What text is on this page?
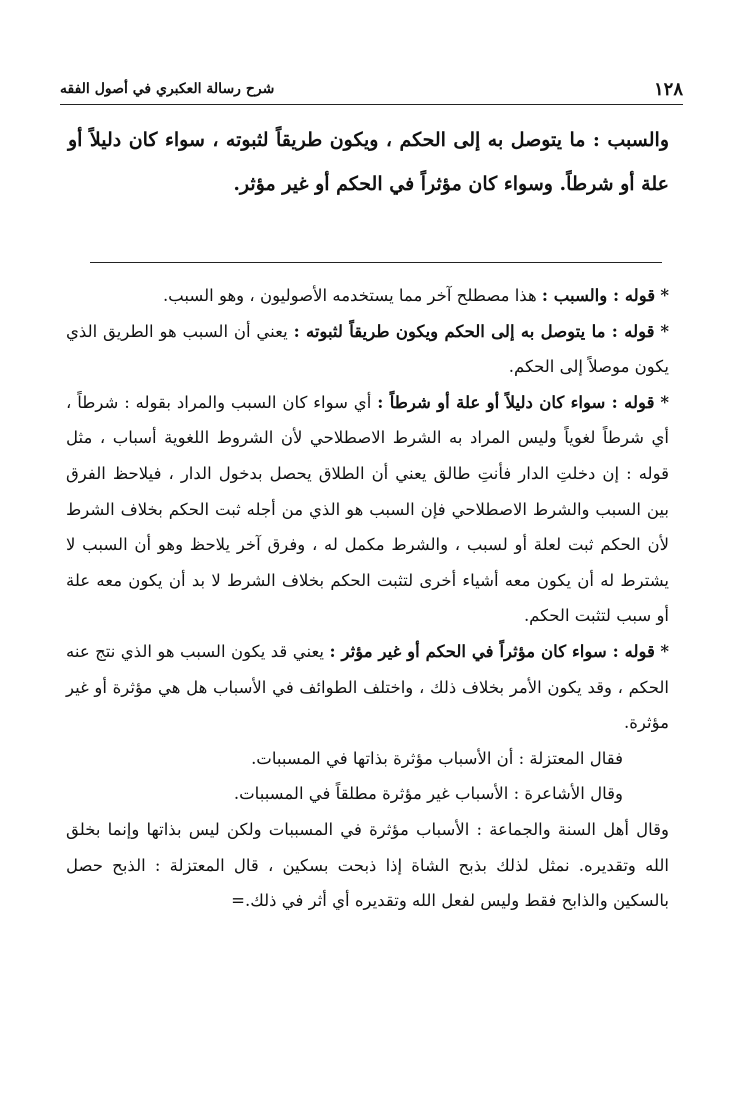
١٢٨
شرح رسالة العكبري في أصول الفقه

والسبب : ما يتوصل به إلى الحكم ، ويكون طريقاً لثبوته ، سواء كان دليلاً أو علة أو شرطاً. وسواء كان مؤثراً في الحكم أو غير مؤثر.

* قوله : والسبب : هذا مصطلح آخر مما يستخدمه الأصوليون ، وهو السبب.

* قوله : ما يتوصل به إلى الحكم ويكون طريقاً لثبوته : يعني أن السبب هو الطريق الذي يكون موصلاً إلى الحكم.

* قوله : سواء كان دليلاً أو علة أو شرطاً : أي سواء كان السبب والمراد بقوله : شرطاً ، أي شرطاً لغوياً وليس المراد به الشرط الاصطلاحي لأن الشروط اللغوية أسباب ، مثل قوله : إن دخلتِ الدار فأنتِ طالق يعني أن الطلاق يحصل بدخول الدار ، فيلاحظ الفرق بين السبب والشرط الاصطلاحي فإن السبب هو الذي من أجله ثبت الحكم بخلاف الشرط لأن الحكم ثبت لعلة أو لسبب ، والشرط مكمل له ، وفرق آخر يلاحظ وهو أن السبب لا يشترط له أن يكون معه أشياء أخرى لتثبت الحكم بخلاف الشرط لا بد أن يكون معه علة أو سبب لتثبت الحكم.

* قوله : سواء كان مؤثراً في الحكم أو غير مؤثر : يعني قد يكون السبب هو الذي نتج عنه الحكم ، وقد يكون الأمر بخلاف ذلك ، واختلف الطوائف في الأسباب هل هي مؤثرة أو غير مؤثرة.

فقال المعتزلة : أن الأسباب مؤثرة بذاتها في المسببات.

وقال الأشاعرة : الأسباب غير مؤثرة مطلقاً في المسببات.

وقال أهل السنة والجماعة : الأسباب مؤثرة في المسببات ولكن ليس بذاتها وإنما بخلق الله وتقديره. نمثل لذلك بذبح الشاة إذا ذبحت بسكين ، قال المعتزلة : الذبح حصل بالسكين والذابح فقط وليس لفعل الله وتقديره أي أثر في ذلك.=
